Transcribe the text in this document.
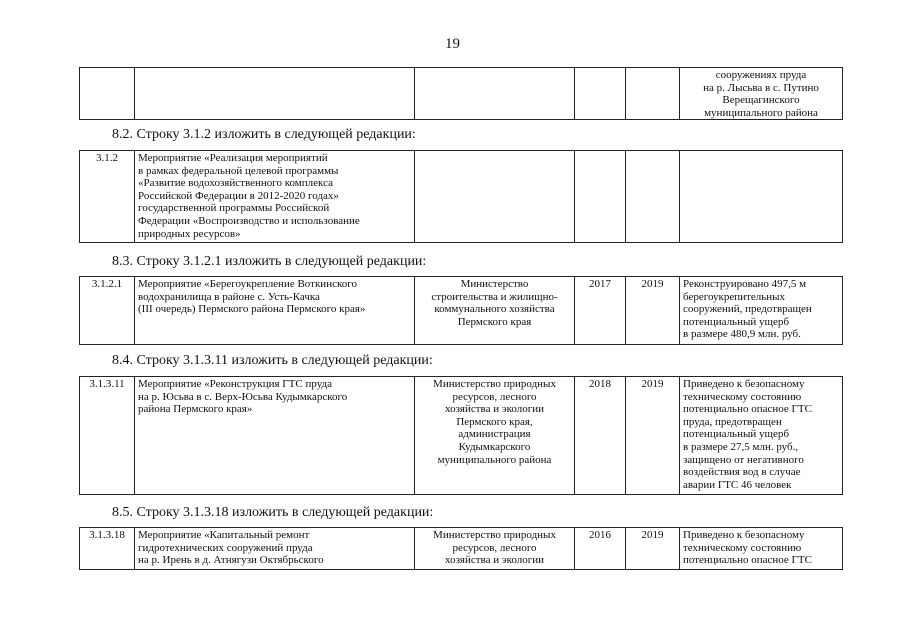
19
					сооружениях пруда
на р. Лысьва в с. Путино
Верещагинского
муниципального района
8.2. Строку 3.1.2 изложить в следующей редакции:
3.1.2	Мероприятие «Реализация мероприятий
в рамках федеральной целевой программы
«Развитие водохозяйственного комплекса
Российской Федерации в 2012-2020 годах»
государственной программы Российской
Федерации «Воспроизводство и использование
природных ресурсов»				
8.3. Строку 3.1.2.1 изложить в следующей редакции:
3.1.2.1	Мероприятие «Берегоукрепление Воткинского
водохранилища в районе с. Усть-Качка
(III очередь) Пермского района Пермского края»	Министерство
строительства и жилищно-
коммунального хозяйства
Пермского края	2017	2019	Реконструировано 497,5 м
берегоукрепительных
сооружений, предотвращен
потенциальный ущерб
в размере 480,9 млн. руб.
8.4. Строку 3.1.3.11 изложить в следующей редакции:
3.1.3.11	Мероприятие «Реконструкция ГТС пруда
на р. Юсьва в с. Верх-Юсьва Кудымкарского
района Пермского края»	Министерство природных
ресурсов, лесного
хозяйства и экологии
Пермского края,
администрация
Кудымкарского
муниципального района	2018	2019	Приведено к безопасному
техническому состоянию
потенциально опасное ГТС
пруда, предотвращен
потенциальный ущерб
в размере 27,5 млн. руб.,
защищено от негативного
воздействия вод в случае
аварии ГТС 46 человек
8.5. Строку 3.1.3.18 изложить в следующей редакции:
3.1.3.18	Мероприятие «Капитальный ремонт
гидротехнических сооружений пруда
на р. Ирень в д. Атнягузи Октябрьского	Министерство природных
ресурсов, лесного
хозяйства и экологии	2016	2019	Приведено к безопасному
техническому состоянию
потенциально опасное ГТС
